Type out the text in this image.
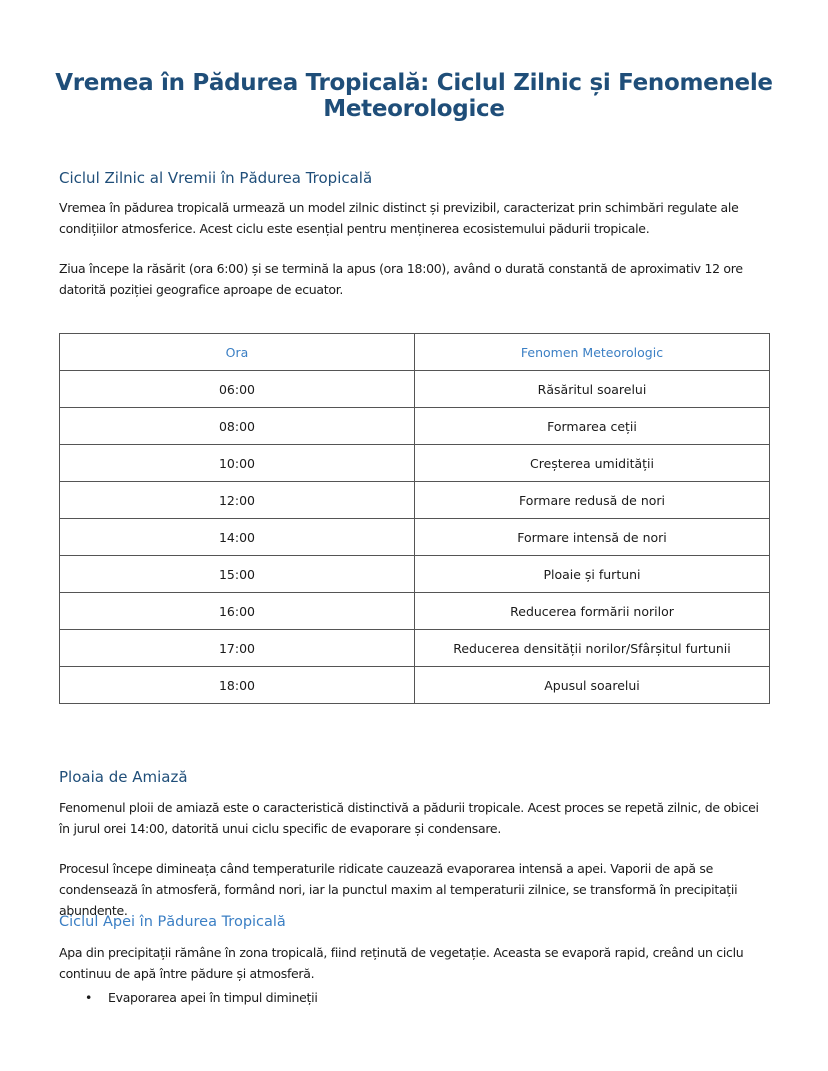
Vremea în Pădurea Tropicală: Ciclul Zilnic și Fenomenele Meteorologice
Ciclul Zilnic al Vremii în Pădurea Tropicală
Vremea în pădurea tropicală urmează un model zilnic distinct și previzibil, caracterizat prin schimbări regulate ale condițiilor atmosferice. Acest ciclu este esențial pentru menținerea ecosistemului pădurii tropicale.
Ziua începe la răsărit (ora 6:00) și se termină la apus (ora 18:00), având o durată constantă de aproximativ 12 ore datorită poziției geografice aproape de ecuator.
Ora	Fenomen Meteorologic
06:00	Răsăritul soarelui
08:00	Formarea ceții
10:00	Creșterea umidității
12:00	Formare redusă de nori
14:00	Formare intensă de nori
15:00	Ploaie și furtuni
16:00	Reducerea formării norilor
17:00	Reducerea densității norilor/Sfârșitul furtunii
18:00	Apusul soarelui
Ploaia de Amiază
Fenomenul ploii de amiază este o caracteristică distinctivă a pădurii tropicale. Acest proces se repetă zilnic, de obicei în jurul orei 14:00, datorită unui ciclu specific de evaporare și condensare.
Procesul începe dimineața când temperaturile ridicate cauzează evaporarea intensă a apei. Vaporii de apă se condensează în atmosferă, formând nori, iar la punctul maxim al temperaturii zilnice, se transformă în precipitații abundente.
Ciclul Apei în Pădurea Tropicală
Apa din precipitații rămâne în zona tropicală, fiind reținută de vegetație. Aceasta se evaporă rapid, creând un ciclu continuu de apă între pădure și atmosferă.
• Evaporarea apei în timpul dimineții
